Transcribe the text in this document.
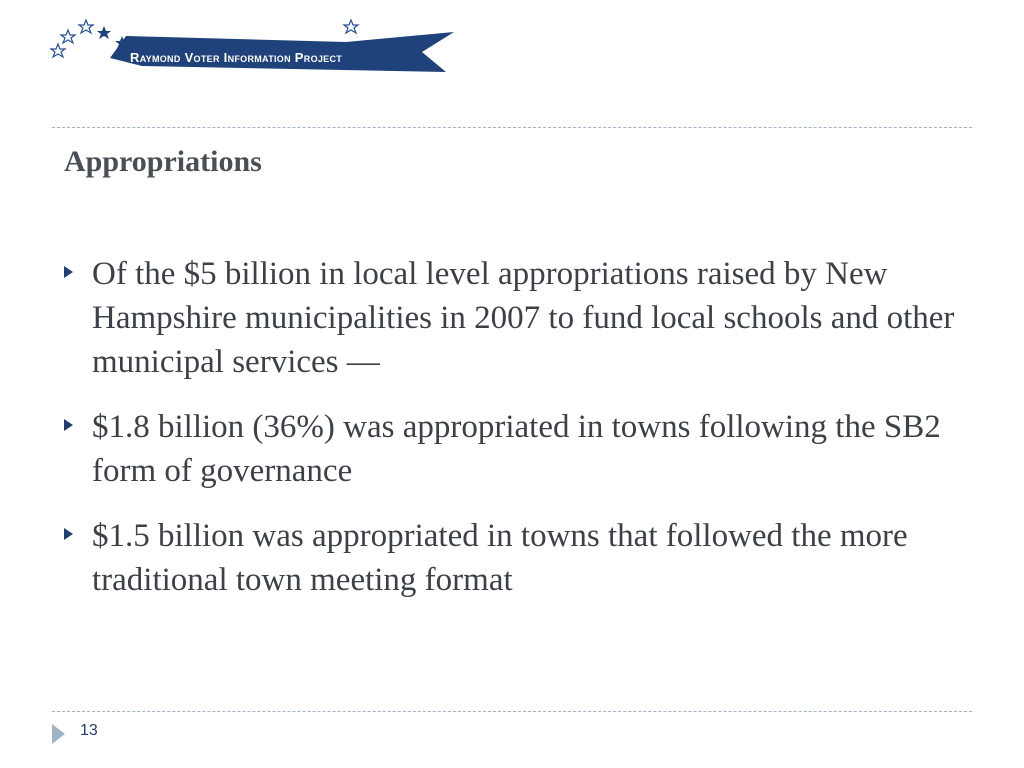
Raymond Voter Information Project
Appropriations
Of the $5 billion in local level appropriations raised by New Hampshire municipalities in 2007 to fund local schools and other municipal services —
$1.8 billion (36%) was appropriated in towns following the SB2 form of governance
$1.5 billion was appropriated in towns that followed the more traditional town meeting format
13
